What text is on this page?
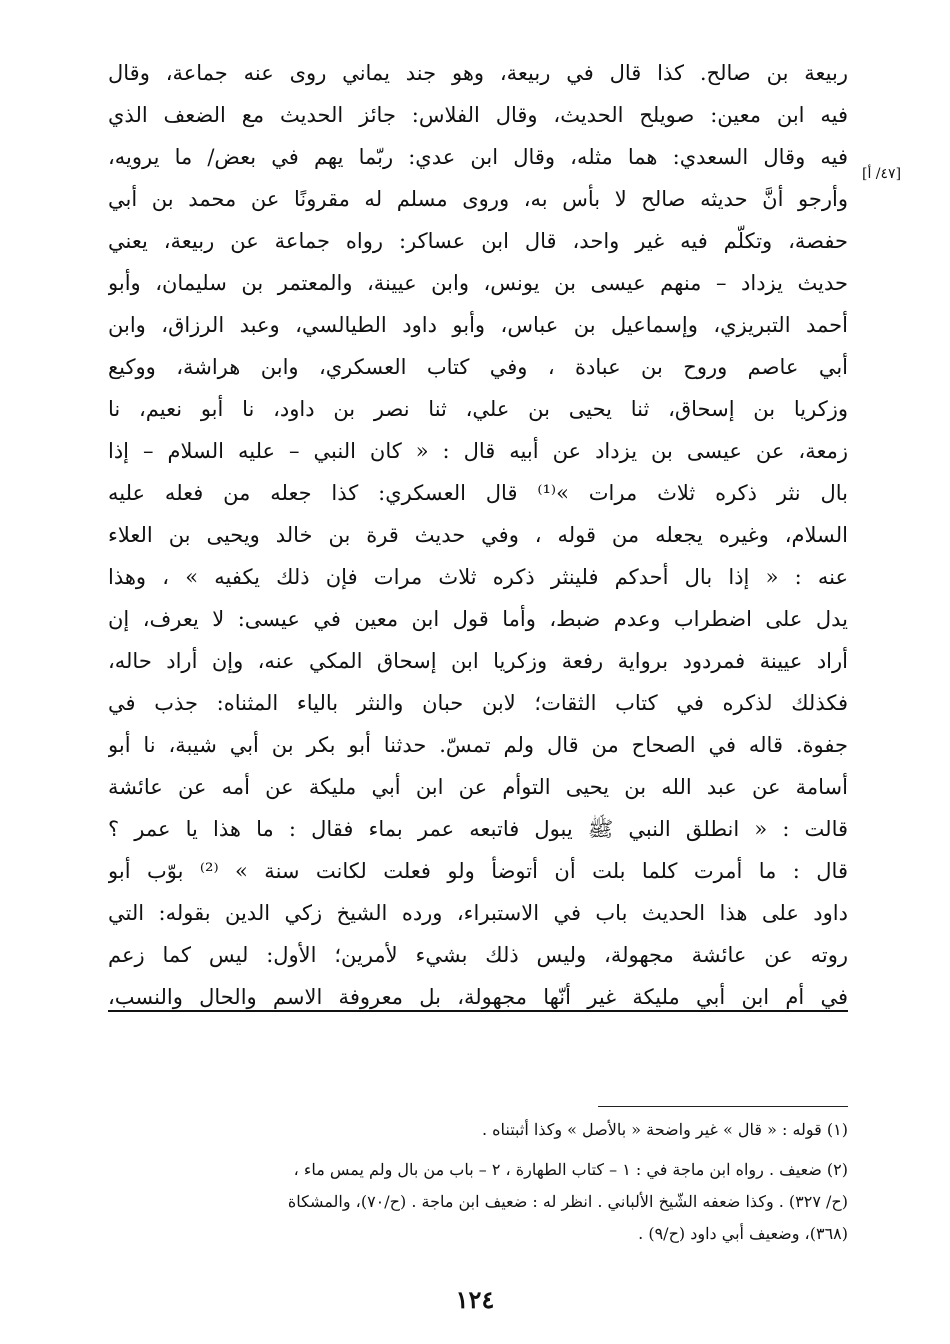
[٤٧/ أ]
ربيعة بن صالح. كذا قال في ربيعة، وهو جند يماني روى عنه جماعة، وقال
فيه ابن معين: صويلح الحديث، وقال الفلاس: جائز الحديث مع الضعف الذي
فيه وقال السعدي: هما مثله، وقال ابن عدي: ربّما يهم في بعض/ ما يرويه،
وأرجو أنَّ حديثه صالح لا بأس به، وروى مسلم له مقرونًا عن محمد بن أبي
حفصة، وتكلّم فيه غير واحد، قال ابن عساكر: رواه جماعة عن ربيعة، يعني
حديث يزداد – منهم عيسى بن يونس، وابن عيينة، والمعتمر بن سليمان، وأبو
أحمد التبريزي، وإسماعيل بن عباس، وأبو داود الطيالسي، وعبد الرزاق، وابن
أبي عاصم وروح بن عبادة ، وفي كتاب العسكري، وابن هراشة، ووكيع
وزكريا بن إسحاق، ثنا يحيى بن علي، ثنا نصر بن داود، نا أبو نعيم، نا
زمعة، عن عيسى بن يزداد عن أبيه قال : « كان النبي – عليه السلام – إذا
بال نثر ذكره ثلاث مرات »⁽¹⁾ قال العسكري: كذا جعله من فعله عليه
السلام، وغيره يجعله من قوله ، وفي حديث قرة بن خالد ويحيى بن العلاء
عنه : « إذا بال أحدكم فلينثر ذكره ثلاث مرات فإن ذلك يكفيه » ، وهذا
يدل على اضطراب وعدم ضبط، وأما قول ابن معين في عيسى: لا يعرف، إن
أراد عيينة فمردود برواية رفعة وزكريا ابن إسحاق المكي عنه، وإن أراد حاله،
فكذلك لذكره في كتاب الثقات؛ لابن حبان والنثر بالياء المثناه: جذب في
جفوة. قاله في الصحاح من قال ولم تمسّ. حدثنا أبو بكر بن أبي شيبة، نا أبو
أسامة عن عبد الله بن يحيى التوأم عن ابن أبي مليكة عن أمه عن عائشة
قالت : « انطلق النبي ﷺ يبول فاتبعه عمر بماء فقال : ما هذا يا عمر ؟
قال : ما أمرت كلما بلت أن أتوضأ ولو فعلت لكانت سنة » ⁽²⁾ بوّب أبو
داود على هذا الحديث باب في الاستبراء، ورده الشيخ زكي الدين بقوله: التي
روته عن عائشة مجهولة، وليس ذلك بشيء لأمرين؛ الأول: ليس كما زعم
في أم ابن أبي مليكة غير أنّها مجهولة، بل معروفة الاسم والحال والنسب،
(١) قوله : « قال » غير واضحة « بالأصل » وكذا أثبتناه .
(٢) ضعيف . رواه ابن ماجة في : ١ – كتاب الطهارة ، ٢ – باب من بال ولم يمس ماء ،
(ح/ ٣٢٧) . وكذا ضعفه الشّيخ الألباني . انظر له : ضعيف ابن ماجة . (ح/٧٠)، والمشكاة
(٣٦٨)، وضعيف أبي داود (ح/٩) .
١٢٤
